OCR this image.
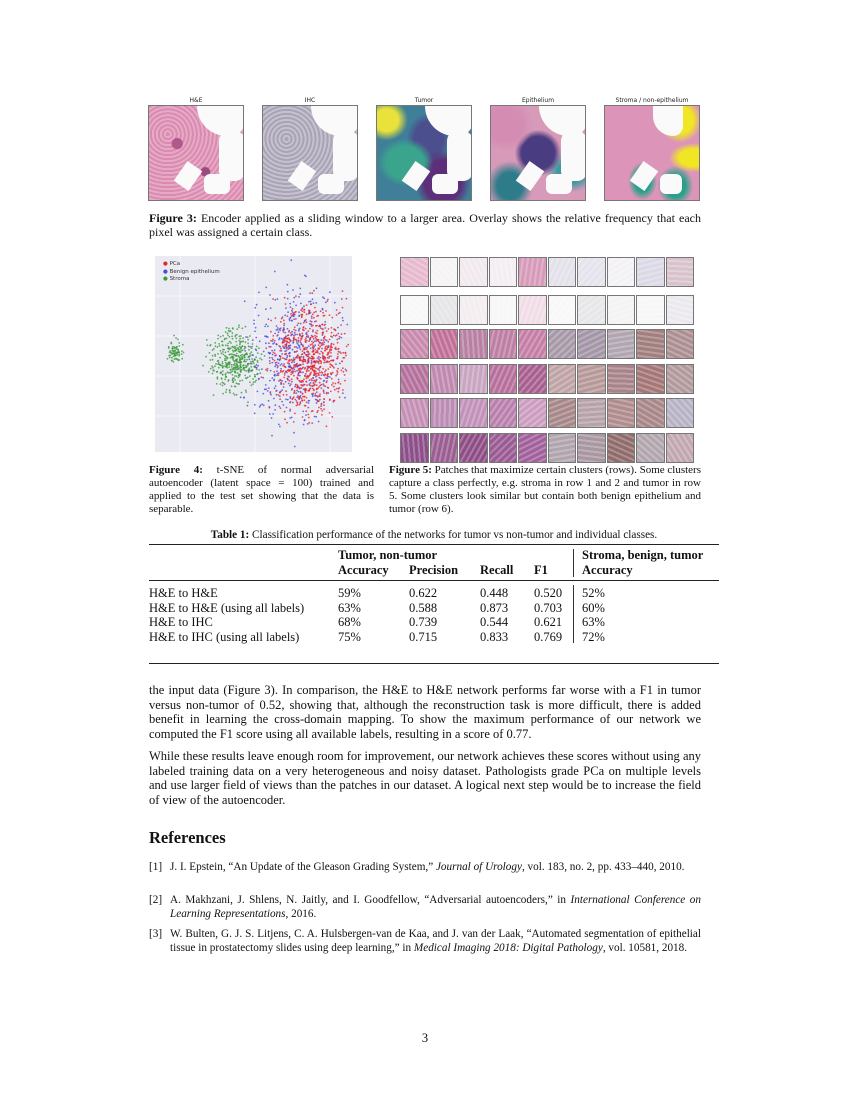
H&E	IHC	Tumor	Epithelium	Stroma / non-epithelium
Figure 3: Encoder applied as a sliding window to a larger area. Overlay shows the relative frequency that each pixel was assigned a certain class.
● PCa
● Benign epithelium
● Stroma
Figure 4: t-SNE of normal adversarial autoencoder (latent space = 100) trained and applied to the test set showing that the data is separable.
Figure 5: Patches that maximize certain clusters (rows). Some clusters capture a class perfectly, e.g. stroma in row 1 and 2 and tumor in row 5. Some clusters look similar but contain both benign epithelium and tumor (row 6).
Table 1: Classification performance of the networks for tumor vs non-tumor and individual classes.
Tumor, non-tumor	Stroma, benign, tumor
Accuracy Precision Recall F1	Accuracy
H&E to H&E	59%	0.622	0.448 0.520 52%
H&E to H&E (using all labels)	63%	0.588	0.873 0.703 60%
H&E to IHC	68%	0.739	0.544 0.621 63%
H&E to IHC (using all labels)	75%	0.715	0.833 0.769 72%
the input data (Figure 3). In comparison, the H&E to H&E network performs far worse with a F1 in tumor versus non-tumor of 0.52, showing that, although the reconstruction task is more difficult, there is added benefit in learning the cross-domain mapping. To show the maximum performance of our network we computed the F1 score using all available labels, resulting in a score of 0.77.
While these results leave enough room for improvement, our network achieves these scores without using any labeled training data on a very heterogeneous and noisy dataset. Pathologists grade PCa on multiple levels and use larger field of views than the patches in our dataset. A logical next step would be to increase the field of view of the autoencoder.
References
[1] J. I. Epstein, “An Update of the Gleason Grading System,” Journal of Urology, vol. 183, no. 2, pp. 433–440, 2010.
[2] A. Makhzani, J. Shlens, N. Jaitly, and I. Goodfellow, “Adversarial autoencoders,” in International Conference on Learning Representations, 2016.
[3] W. Bulten, G. J. S. Litjens, C. A. Hulsbergen-van de Kaa, and J. van der Laak, “Automated segmentation of epithelial tissue in prostatectomy slides using deep learning,” in Medical Imaging 2018: Digital Pathology, vol. 10581, 2018.
3
